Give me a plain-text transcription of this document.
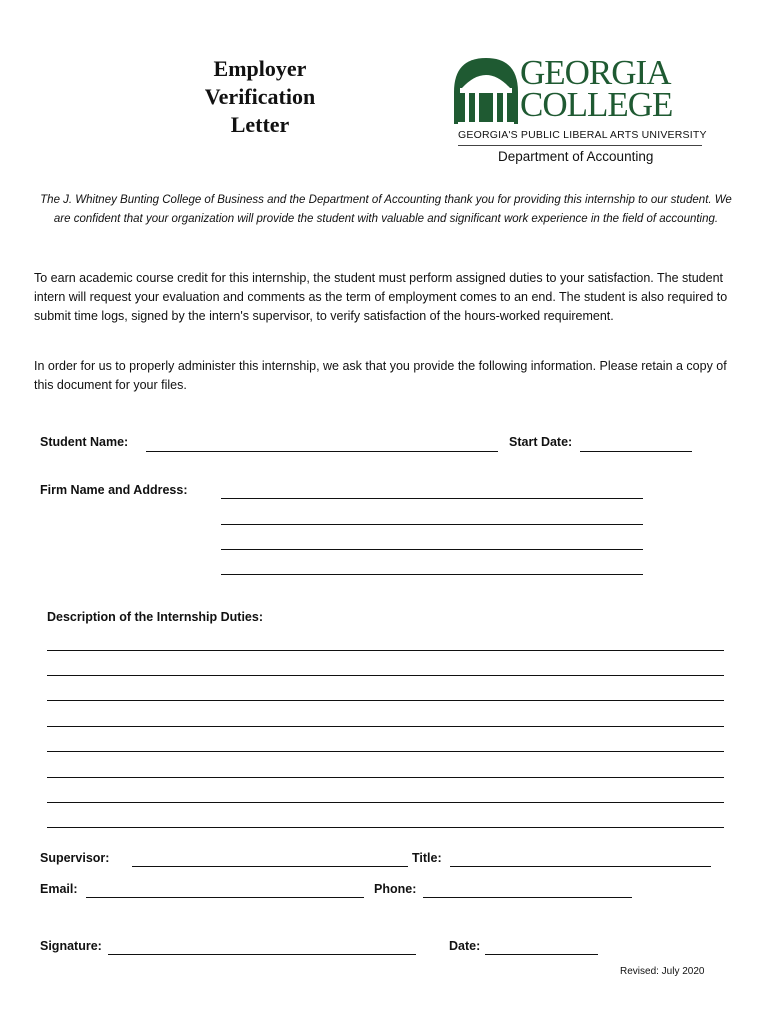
Employer
Verification
Letter
GEORGIA
COLLEGE
GEORGIA'S PUBLIC LIBERAL ARTS UNIVERSITY
Department of Accounting
The J. Whitney Bunting College of Business and the Department of Accounting thank you for providing this internship to our student. We are confident that your organization will provide the student with valuable and significant work experience in the field of accounting.
To earn academic course credit for this internship, the student must perform assigned duties to your satisfaction. The student intern will request your evaluation and comments as the term of employment comes to an end. The student is also required to submit time logs, signed by the intern's supervisor, to verify satisfaction of the hours-worked requirement.
In order for us to properly administer this internship, we ask that you provide the following information. Please retain a copy of this document for your files.
Student Name:	Start Date:
Firm Name and Address:
Description of the Internship Duties:
Supervisor:	Title:
Email:	Phone:
Signature:	Date:
Revised: July 2020
